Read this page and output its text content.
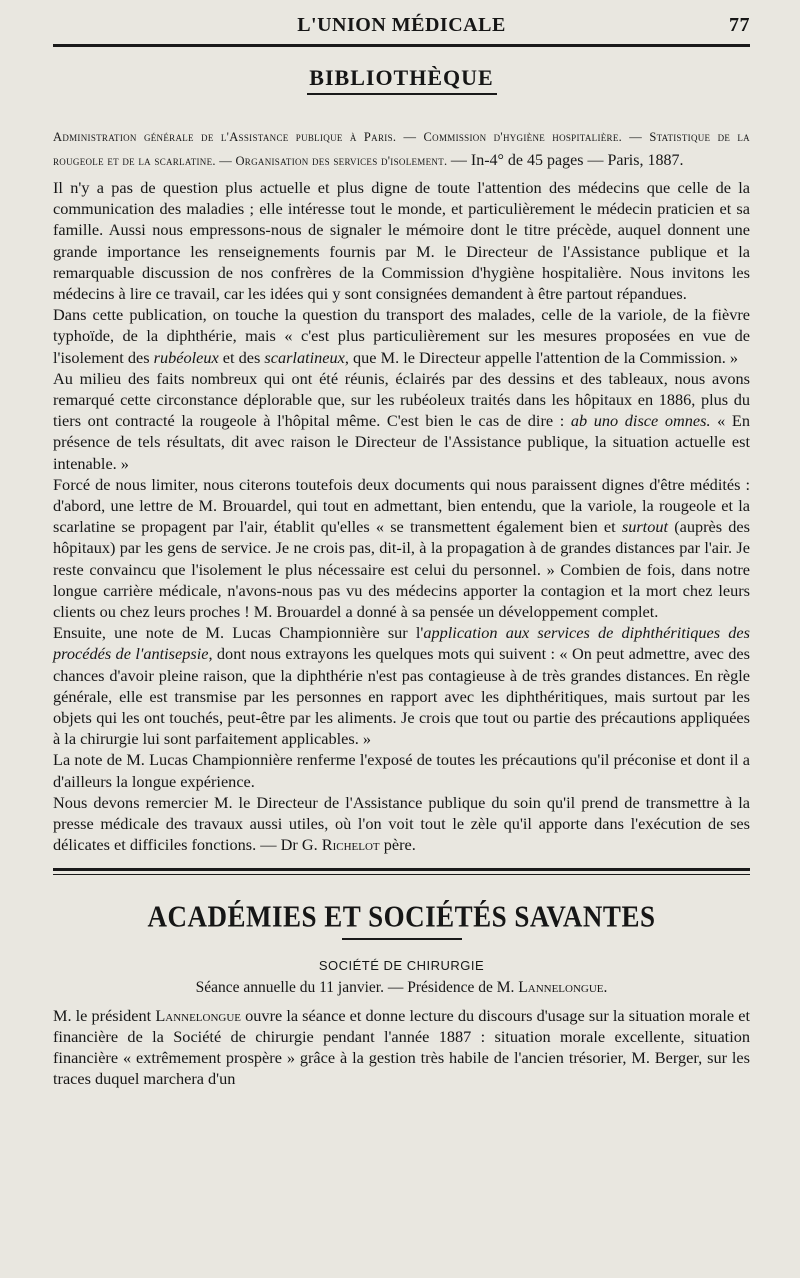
L'UNION MÉDICALE	77
BIBLIOTHÈQUE
Administration générale de l'Assistance publique à Paris. — Commission d'hygiène hospitalière. — Statistique de la rougeole et de la scarlatine. — Organisation des services d'isolement. — In-4° de 45 pages — Paris, 1887.

Il n'y a pas de question plus actuelle et plus digne de toute l'attention des médecins que celle de la communication des maladies ; elle intéresse tout le monde, et particulièrement le médecin praticien et sa famille. Aussi nous empressons-nous de signaler le mémoire dont le titre précède, auquel donnent une grande importance les renseignements fournis par M. le Directeur de l'Assistance publique et la remarquable discussion de nos confrères de la Commission d'hygiène hospitalière. Nous invitons les médecins à lire ce travail, car les idées qui y sont consignées demandent à être partout répandues.

Dans cette publication, on touche la question du transport des malades, celle de la variole, de la fièvre typhoïde, de la diphthérie, mais « c'est plus particulièrement sur les mesures proposées en vue de l'isolement des rubéoleux et des scarlatineux, que M. le Directeur appelle l'attention de la Commission. »

Au milieu des faits nombreux qui ont été réunis, éclairés par des dessins et des tableaux, nous avons remarqué cette circonstance déplorable que, sur les rubéoleux traités dans les hôpitaux en 1886, plus du tiers ont contracté la rougeole à l'hôpital même. C'est bien le cas de dire : ab uno disce omnes. « En présence de tels résultats, dit avec raison le Directeur de l'Assistance publique, la situation actuelle est intenable. »

Forcé de nous limiter, nous citerons toutefois deux documents qui nous paraissent dignes d'être médités : d'abord, une lettre de M. Brouardel, qui tout en admettant, bien entendu, que la variole, la rougeole et la scarlatine se propagent par l'air, établit qu'elles « se transmettent également bien et surtout (auprès des hôpitaux) par les gens de service. Je ne crois pas, dit-il, à la propagation à de grandes distances par l'air. Je reste convaincu que l'isolement le plus nécessaire est celui du personnel. » Combien de fois, dans notre longue carrière médicale, n'avons-nous pas vu des médecins apporter la contagion et la mort chez leurs clients ou chez leurs proches ! M. Brouardel a donné à sa pensée un développement complet.

Ensuite, une note de M. Lucas Championnière sur l'application aux services de diphthéritiques des procédés de l'antisepsie, dont nous extrayons les quelques mots qui suivent : « On peut admettre, avec des chances d'avoir pleine raison, que la diphthérie n'est pas contagieuse à de très grandes distances. En règle générale, elle est transmise par les personnes en rapport avec les diphthéritiques, mais surtout par les objets qui les ont touchés, peut-être par les aliments. Je crois que tout ou partie des précautions appliquées à la chirurgie lui sont parfaitement applicables. »

La note de M. Lucas Championnière renferme l'exposé de toutes les précautions qu'il préconise et dont il a d'ailleurs la longue expérience.

Nous devons remercier M. le Directeur de l'Assistance publique du soin qu'il prend de transmettre à la presse médicale des travaux aussi utiles, où l'on voit tout le zèle qu'il apporte dans l'exécution de ses délicates et difficiles fonctions. — Dr G. Richelot père.

ACADÉMIES ET SOCIÉTÉS SAVANTES
SOCIÉTÉ DE CHIRURGIE
Séance annuelle du 11 janvier. — Présidence de M. Lannelongue.

M. le président Lannelongue ouvre la séance et donne lecture du discours d'usage sur la situation morale et financière de la Société de chirurgie pendant l'année 1887 : situation morale excellente, situation financière « extrêmement prospère » grâce à la gestion très habile de l'ancien trésorier, M. Berger, sur les traces duquel marchera d'un
